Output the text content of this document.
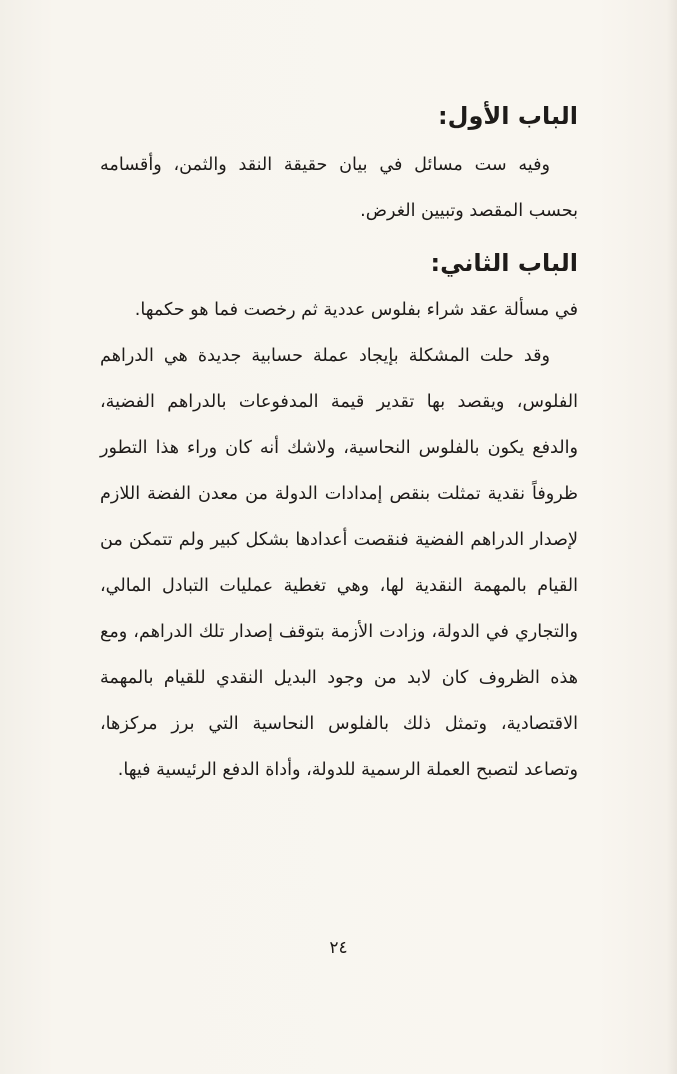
الباب الأول:

وفيه ست مسائل في بيان حقيقة النقد والثمن، وأقسامه بحسب المقصد وتبيين الغرض.

الباب الثاني:

في مسألة عقد شراء بفلوس عددية ثم رخصت فما هو حكمها.

وقد حلت المشكلة بإيجاد عملة حسابية جديدة هي الدراهم الفلوس، ويقصد بها تقدير قيمة المدفوعات بالدراهم الفضية، والدفع يكون بالفلوس النحاسية، ولاشك أنه كان وراء هذا التطور ظروفاً نقدية تمثلت بنقص إمدادات الدولة من معدن الفضة اللازم لإصدار الدراهم الفضية فنقصت أعدادها بشكل كبير ولم تتمكن من القيام بالمهمة النقدية لها، وهي تغطية عمليات التبادل المالي، والتجاري في الدولة، وزادت الأزمة بتوقف إصدار تلك الدراهم، ومع هذه الظروف كان لابد من وجود البديل النقدي للقيام بالمهمة الاقتصادية، وتمثل ذلك بالفلوس النحاسية التي برز مركزها، وتصاعد لتصبح العملة الرسمية للدولة، وأداة الدفع الرئيسية فيها.

٢٤
